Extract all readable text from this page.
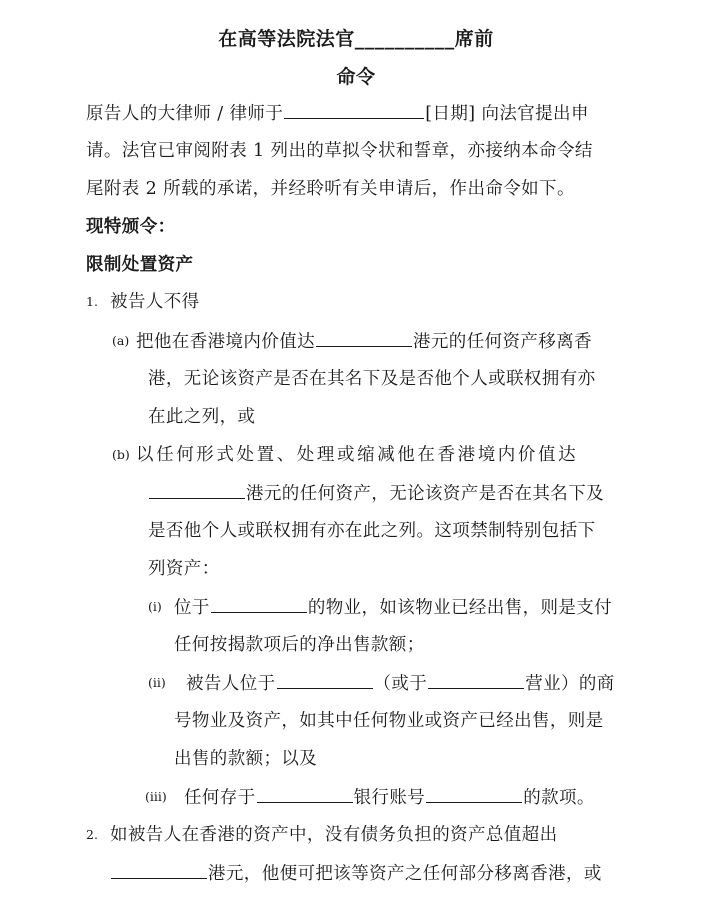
在高等法院法官__________席前
命令
原告人的大律师 / 律师于	[日期] 向法官提出申
请。法官已审阅附表 1 列出的草拟令状和誓章，亦接纳本命令结
尾附表 2 所载的承诺，并经聆听有关申请后，作出命令如下。
现特颁令：
限制处置资产
1. 被告人不得
(a) 把他在香港境内价值达	港元的任何资产移离香
港，无论该资产是否在其名下及是否他个人或联权拥有亦
在此之列，或
(b) 以任何形式处置、处理或缩减他在香港境内价值达
港元的任何资产，无论该资产是否在其名下及
是否他个人或联权拥有亦在此之列。这项禁制特别包括下
列资产：
(i) 位于	的物业，如该物业已经出售，则是支付
任何按揭款项后的净出售款额；
(ii) 被告人位于	（或于	营业）的商
号物业及资产，如其中任何物业或资产已经出售，则是
出售的款额；以及
(iii) 任何存于	银行账号	的款项。
2. 如被告人在香港的资产中，没有债务负担的资产总值超出
港元，他便可把该等资产之任何部分移离香港，或
